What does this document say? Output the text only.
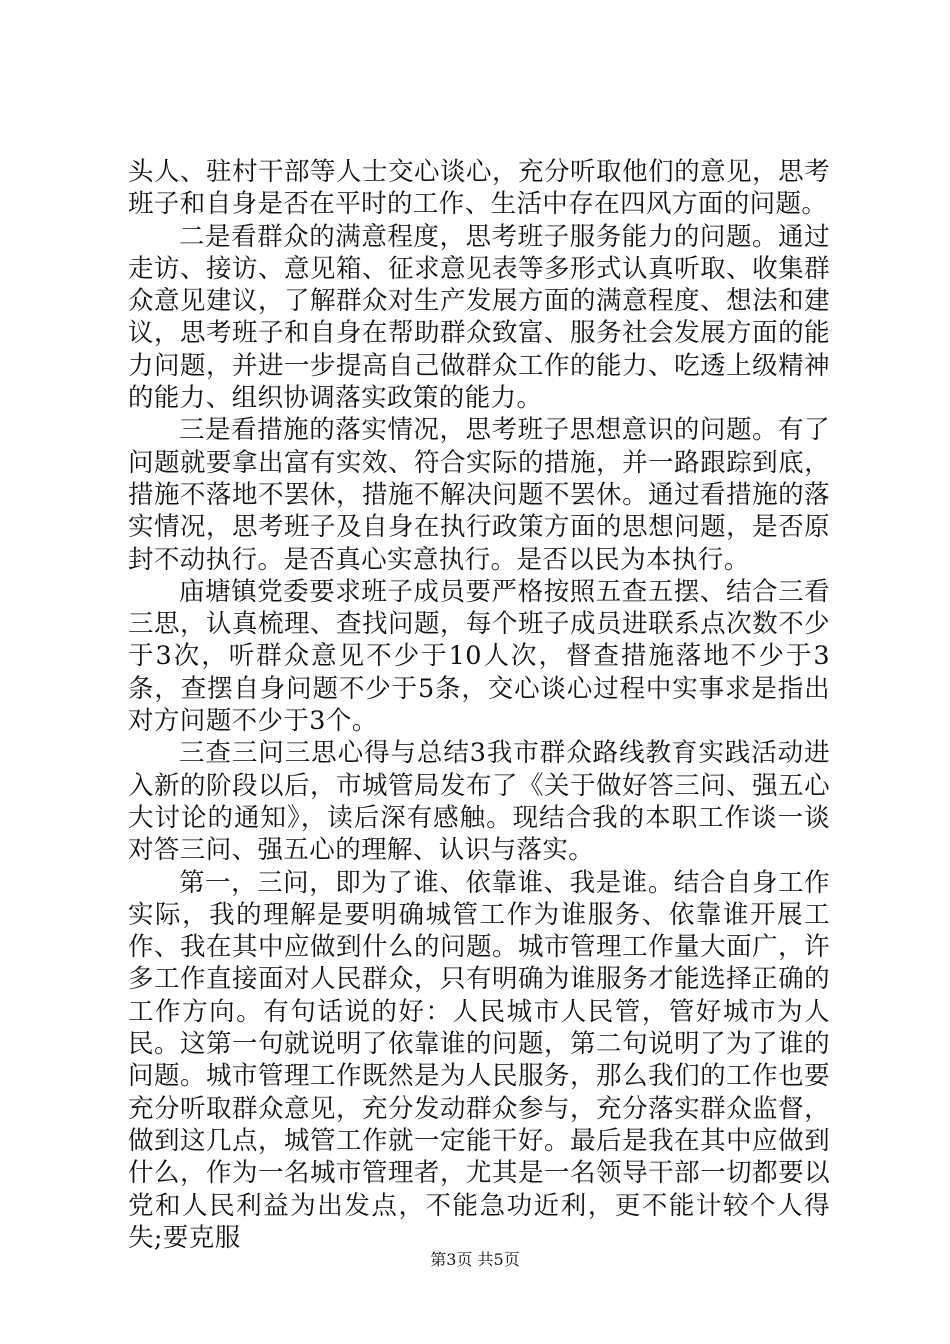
头人、驻村干部等人士交心谈心，充分听取他们的意见，思考班子和自身是否在平时的工作、生活中存在四风方面的问题。

二是看群众的满意程度，思考班子服务能力的问题。通过走访、接访、意见箱、征求意见表等多形式认真听取、收集群众意见建议，了解群众对生产发展方面的满意程度、想法和建议，思考班子和自身在帮助群众致富、服务社会发展方面的能力问题，并进一步提高自己做群众工作的能力、吃透上级精神的能力、组织协调落实政策的能力。

三是看措施的落实情况，思考班子思想意识的问题。有了问题就要拿出富有实效、符合实际的措施，并一路跟踪到底，措施不落地不罢休，措施不解决问题不罢休。通过看措施的落实情况，思考班子及自身在执行政策方面的思想问题，是否原封不动执行。是否真心实意执行。是否以民为本执行。

庙塘镇党委要求班子成员要严格按照五查五摆、结合三看三思，认真梳理、查找问题，每个班子成员进联系点次数不少于3次，听群众意见不少于10人次，督查措施落地不少于3条，查摆自身问题不少于5条，交心谈心过程中实事求是指出对方问题不少于3个。

三查三问三思心得与总结3我市群众路线教育实践活动进入新的阶段以后，市城管局发布了《关于做好答三问、强五心大讨论的通知》，读后深有感触。现结合我的本职工作谈一谈对答三问、强五心的理解、认识与落实。

第一，三问，即为了谁、依靠谁、我是谁。结合自身工作实际，我的理解是要明确城管工作为谁服务、依靠谁开展工作、我在其中应做到什么的问题。城市管理工作量大面广，许多工作直接面对人民群众，只有明确为谁服务才能选择正确的工作方向。有句话说的好：人民城市人民管，管好城市为人民。这第一句就说明了依靠谁的问题，第二句说明了为了谁的问题。城市管理工作既然是为人民服务，那么我们的工作也要充分听取群众意见，充分发动群众参与，充分落实群众监督，做到这几点，城管工作就一定能干好。最后是我在其中应做到什么，作为一名城市管理者，尤其是一名领导干部一切都要以党和人民利益为出发点，不能急功近利，更不能计较个人得失;要克服

第3页 共5页
